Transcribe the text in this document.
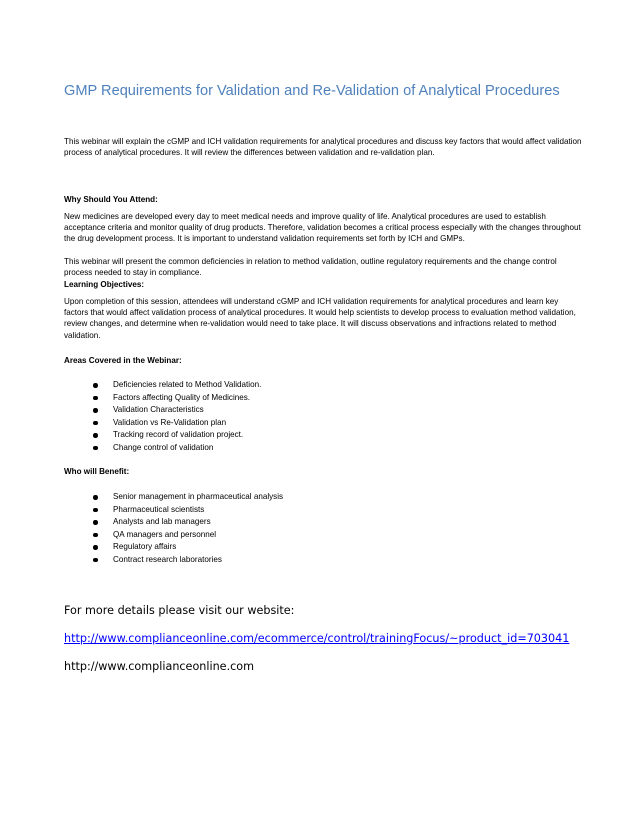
GMP Requirements for Validation and Re-Validation of Analytical Procedures

This webinar will explain the cGMP and ICH validation requirements for analytical procedures and discuss key factors that would affect validation process of analytical procedures. It will review the differences between validation and re-validation plan.

Why Should You Attend:

New medicines are developed every day to meet medical needs and improve quality of life. Analytical procedures are used to establish acceptance criteria and monitor quality of drug products. Therefore, validation becomes a critical process especially with the changes throughout the drug development process. It is important to understand validation requirements set forth by ICH and GMPs.

This webinar will present the common deficiencies in relation to method validation, outline regulatory requirements and the change control process needed to stay in compliance.

Learning Objectives:

Upon completion of this session, attendees will understand cGMP and ICH validation requirements for analytical procedures and learn key factors that would affect validation process of analytical procedures. It would help scientists to develop process to evaluation method validation, review changes, and determine when re-validation would need to take place. It will discuss observations and infractions related to method validation.

Areas Covered in the Webinar:

Deficiencies related to Method Validation.
Factors affecting Quality of Medicines.
Validation Characteristics
Validation vs Re-Validation plan
Tracking record of validation project.
Change control of validation

Who will Benefit:

Senior management in pharmaceutical analysis
Pharmaceutical scientists
Analysts and lab managers
QA managers and personnel
Regulatory affairs
Contract research laboratories

For more details please visit our website:

http://www.complianceonline.com/ecommerce/control/trainingFocus/~product_id=703041

http://www.complianceonline.com
